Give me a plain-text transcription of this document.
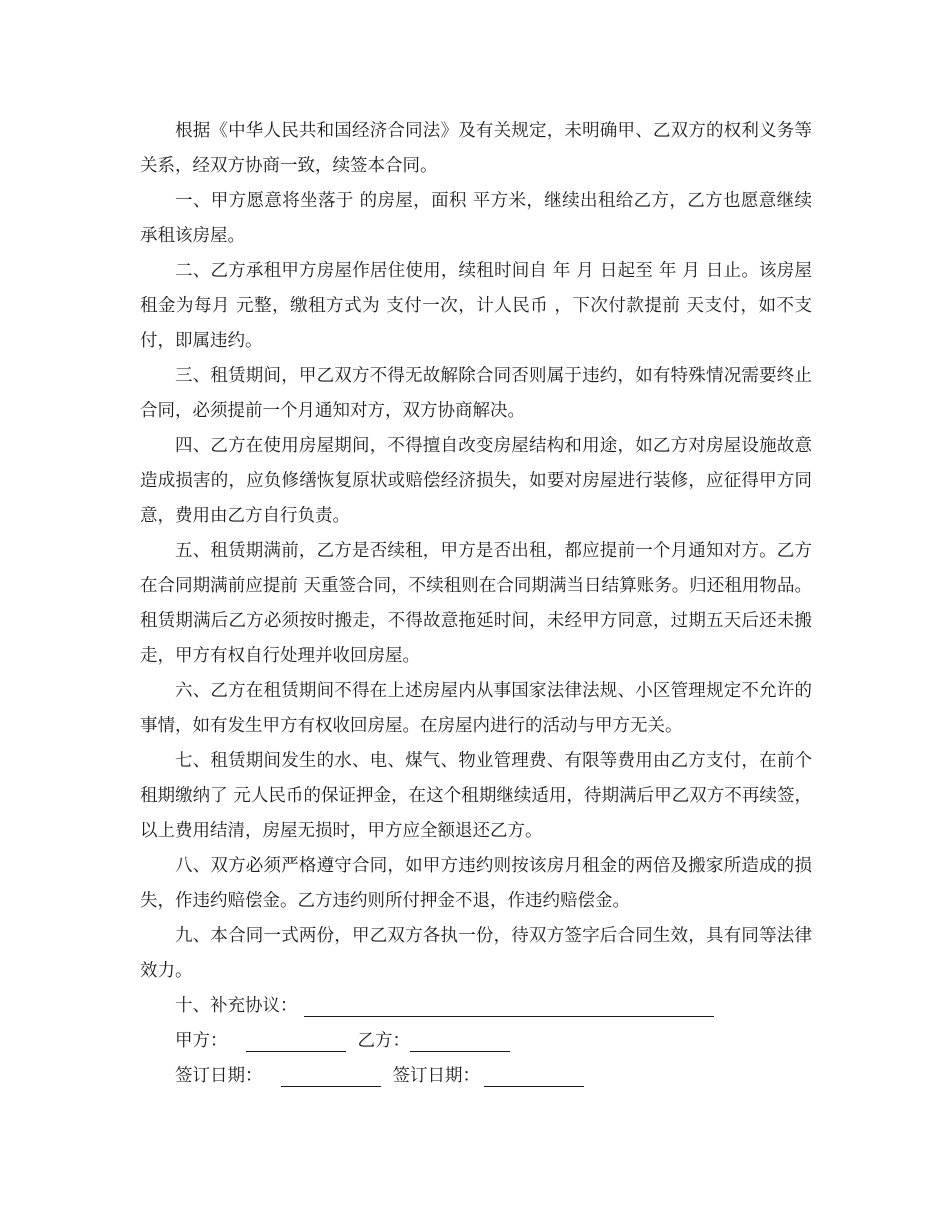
根据《中华人民共和国经济合同法》及有关规定，未明确甲、乙双方的权利义务等关系，经双方协商一致，续签本合同。

一、甲方愿意将坐落于 的房屋，面积 平方米，继续出租给乙方，乙方也愿意继续承租该房屋。

二、乙方承租甲方房屋作居住使用，续租时间自 年 月 日起至 年 月 日止。该房屋租金为每月 元整，缴租方式为 支付一次，计人民币 ，下次付款提前 天支付，如不支付，即属违约。

三、租赁期间，甲乙双方不得无故解除合同否则属于违约，如有特殊情况需要终止合同，必须提前一个月通知对方，双方协商解决。

四、乙方在使用房屋期间，不得擅自改变房屋结构和用途，如乙方对房屋设施故意造成损害的，应负修缮恢复原状或赔偿经济损失，如要对房屋进行装修，应征得甲方同意，费用由乙方自行负责。

五、租赁期满前，乙方是否续租，甲方是否出租，都应提前一个月通知对方。乙方在合同期满前应提前 天重签合同，不续租则在合同期满当日结算账务。归还租用物品。租赁期满后乙方必须按时搬走，不得故意拖延时间，未经甲方同意，过期五天后还未搬走，甲方有权自行处理并收回房屋。

六、乙方在租赁期间不得在上述房屋内从事国家法律法规、小区管理规定不允许的事情，如有发生甲方有权收回房屋。在房屋内进行的活动与甲方无关。

七、租赁期间发生的水、电、煤气、物业管理费、有限等费用由乙方支付，在前个租期缴纳了 元人民币的保证押金，在这个租期继续适用，待期满后甲乙双方不再续签，以上费用结清，房屋无损时，甲方应全额退还乙方。

八、双方必须严格遵守合同，如甲方违约则按该房月租金的两倍及搬家所造成的损失，作违约赔偿金。乙方违约则所付押金不退，作违约赔偿金。

九、本合同一式两份，甲乙双方各执一份，待双方签字后合同生效，具有同等法律效力。

十、补充协议：
甲方：	乙方：
签订日期：	签订日期：
